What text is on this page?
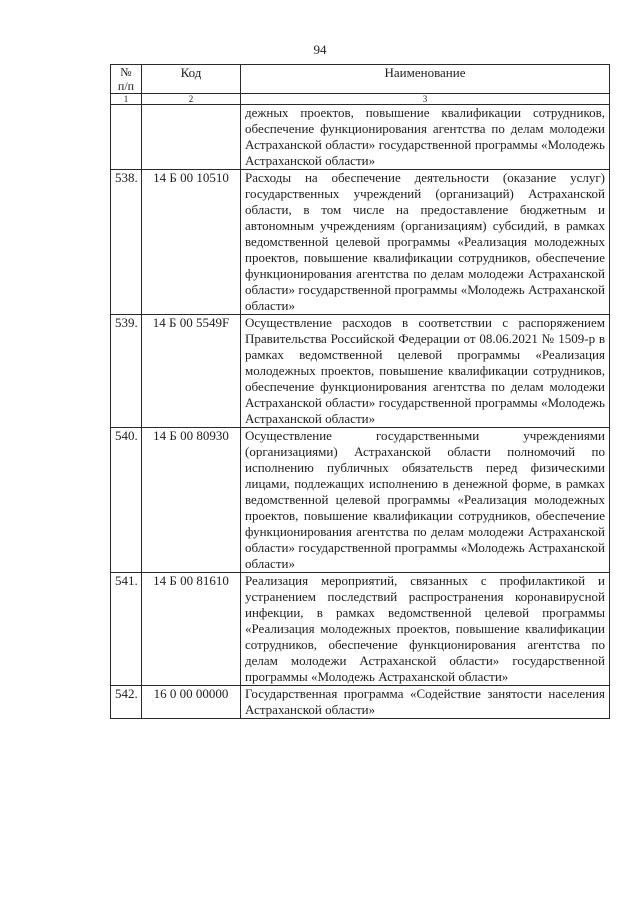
94
№ п/п	Код	Наименование
1	2	3
		дежных проектов, повышение квалификации сотрудников, обеспечение функционирования агентства по делам молодежи Астраханской области» государственной программы «Молодежь Астраханской области»
538.	14 Б 00 10510	Расходы на обеспечение деятельности (оказание услуг) государственных учреждений (организаций) Астраханской области, в том числе на предоставление бюджетным и автономным учреждениям (организациям) субсидий, в рамках ведомственной целевой программы «Реализация молодежных проектов, повышение квалификации сотрудников, обеспечение функционирования агентства по делам молодежи Астраханской области» государственной программы «Молодежь Астраханской области»
539.	14 Б 00 5549F	Осуществление расходов в соответствии с распоряжением Правительства Российской Федерации от 08.06.2021 № 1509-р в рамках ведомственной целевой программы «Реализация молодежных проектов, повышение квалификации сотрудников, обеспечение функционирования агентства по делам молодежи Астраханской области» государственной программы «Молодежь Астраханской области»
540.	14 Б 00 80930	Осуществление государственными учреждениями (организациями) Астраханской области полномочий по исполнению публичных обязательств перед физическими лицами, подлежащих исполнению в денежной форме, в рамках ведомственной целевой программы «Реализация молодежных проектов, повышение квалификации сотрудников, обеспечение функционирования агентства по делам молодежи Астраханской области» государственной программы «Молодежь Астраханской области»
541.	14 Б 00 81610	Реализация мероприятий, связанных с профилактикой и устранением последствий распространения коронавирусной инфекции, в рамках ведомственной целевой программы «Реализация молодежных проектов, повышение квалификации сотрудников, обеспечение функционирования агентства по делам молодежи Астраханской области» государственной программы «Молодежь Астраханской области»
542.	16 0 00 00000	Государственная программа «Содействие занятости населения Астраханской области»
